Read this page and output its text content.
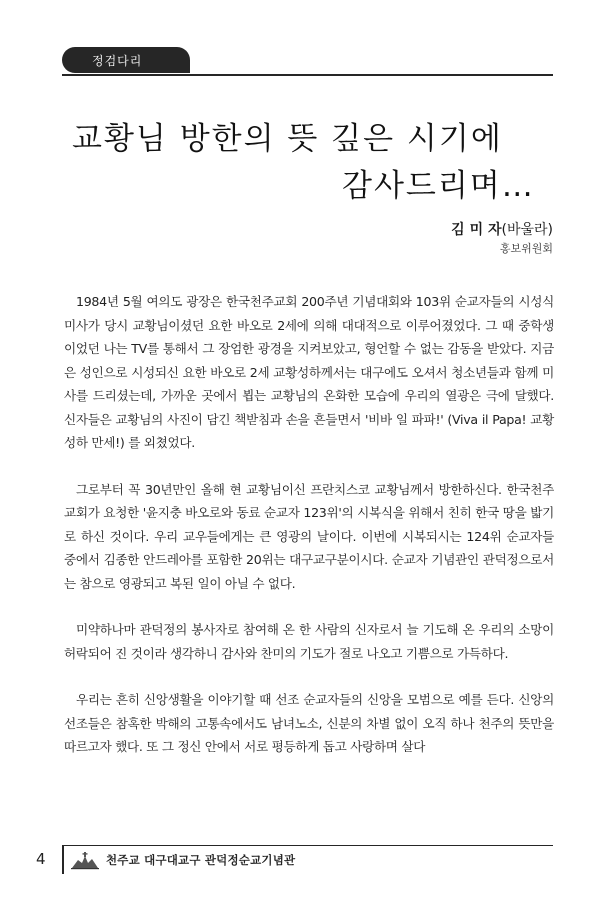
정검다리
교황님 방한의 뜻 깊은 시기에
감사드리며…
김 미 자(바울라)
홍보위원회

1984년 5월 여의도 광장은 한국천주교회 200주년 기념대회와 103위 순교자들의 시성식 미사가 당시 교황님이셨던 요한 바오로 2세에 의해 대대적으로 이루어졌었다. 그 때 중학생이었던 나는 TV를 통해서 그 장엄한 광경을 지켜보았고, 형언할 수 없는 감동을 받았다. 지금은 성인으로 시성되신 요한 바오로 2세 교황성하께서는 대구에도 오셔서 청소년들과 함께 미사를 드리셨는데, 가까운 곳에서 뵙는 교황님의 온화한 모습에 우리의 열광은 극에 달했다. 신자들은 교황님의 사진이 담긴 책받침과 손을 흔들면서 '비바 일 파파!' (Viva il Papa! 교황 성하 만세!) 를 외쳤었다.

그로부터 꼭 30년만인 올해 현 교황님이신 프란치스코 교황님께서 방한하신다. 한국천주교회가 요청한 '윤지충 바오로와 동료 순교자 123위'의 시복식을 위해서 친히 한국 땅을 밟기로 하신 것이다. 우리 교우들에게는 큰 영광의 날이다. 이번에 시복되시는 124위 순교자들 중에서 김종한 안드레아를 포함한 20위는 대구교구분이시다. 순교자 기념관인 관덕정으로서는 참으로 영광되고 복된 일이 아닐 수 없다.

미약하나마 관덕정의 봉사자로 참여해 온 한 사람의 신자로서 늘 기도해 온 우리의 소망이 허락되어 진 것이라 생각하니 감사와 찬미의 기도가 절로 나오고 기쁨으로 가득하다.

우리는 흔히 신앙생활을 이야기할 때 선조 순교자들의 신앙을 모범으로 예를 든다. 신앙의 선조들은 참혹한 박해의 고통속에서도 남녀노소, 신분의 차별 없이 오직 하나 천주의 뜻만을 따르고자 했다. 또 그 정신 안에서 서로 평등하게 돕고 사랑하며 살다

4	천주교 대구대교구 관덕정순교기념관
